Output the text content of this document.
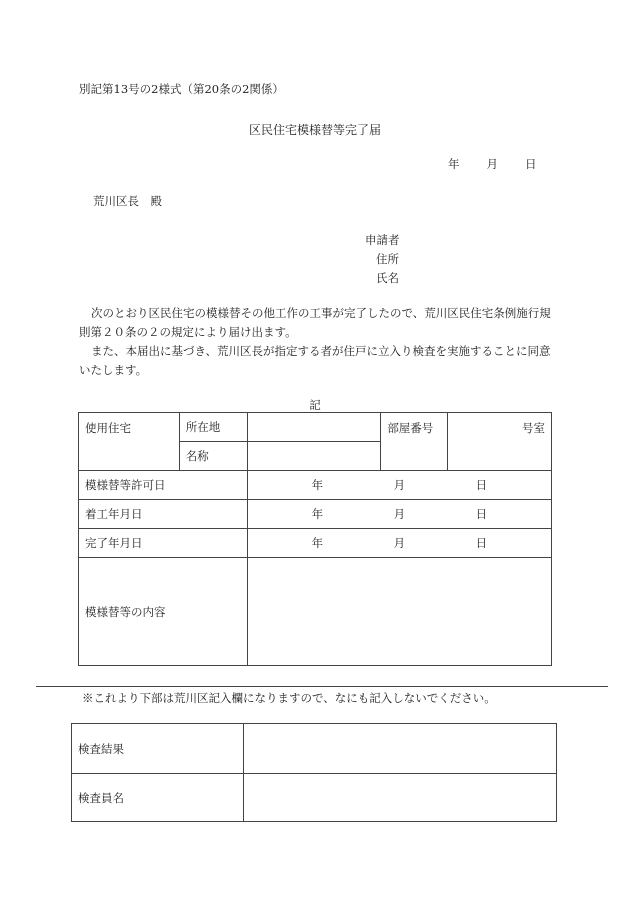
別記第13号の2様式（第20条の2関係）
区民住宅模様替等完了届
年 月 日
荒川区長　殿
申請者
住所
氏名

次のとおり区民住宅の模様替その他工作の工事が完了したので、荒川区民住宅条例施行規則第２０条の２の規定により届け出ます。

また、本届出に基づき、荒川区長が指定する者が住戸に立入り検査を実施することに同意いたします。

記
使用住宅	所在地		部屋番号	号室
	名称			
模様替等許可日		年 月 日		

着工年月日		年 月 日		

完了年月日		年 月 日		

模様替等の内容				
※これより下部は荒川区記入欄になりますので、なにも記入しないでください。
検査結果	
検査員名	
